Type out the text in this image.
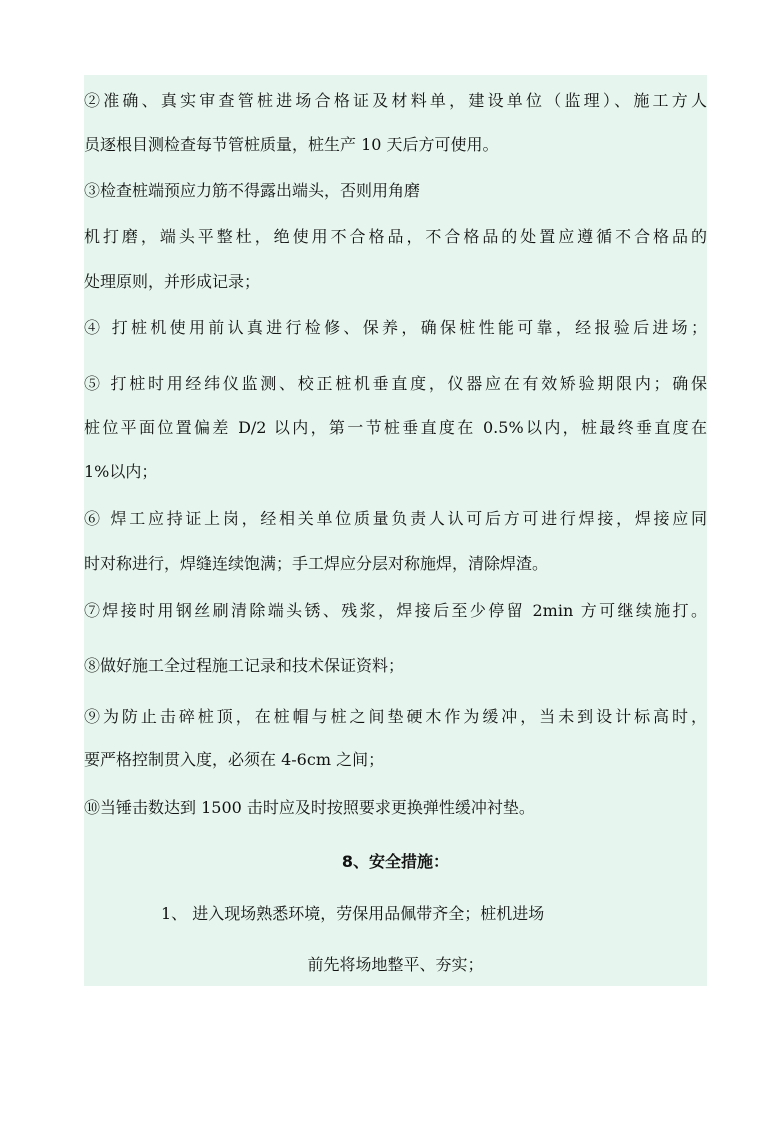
②准确、真实审查管桩进场合格证及材料单，建设单位（监理）、施工方人
员逐根目测检查每节管桩质量，桩生产 10 天后方可使用。
③检查桩端预应力筋不得露出端头，否则用角磨
机打磨，端头平整杜，绝使用不合格品，不合格品的处置应遵循不合格品的
处理原则，并形成记录；
④ 打桩机使用前认真进行检修、保养，确保桩性能可靠，经报验后进场；
⑤ 打桩时用经纬仪监测、校正桩机垂直度，仪器应在有效矫验期限内；确保
桩位平面位置偏差 D/2 以内，第一节桩垂直度在 0.5%以内，桩最终垂直度在
1%以内；
⑥ 焊工应持证上岗，经相关单位质量负责人认可后方可进行焊接，焊接应同
时对称进行，焊缝连续饱满；手工焊应分层对称施焊，清除焊渣。
⑦焊接时用钢丝刷清除端头锈、残浆，焊接后至少停留 2min 方可继续施打。
⑧做好施工全过程施工记录和技术保证资料；
⑨为防止击碎桩顶，在桩帽与桩之间垫硬木作为缓冲，当未到设计标高时，
要严格控制贯入度，必须在 4-6cm 之间；
⑩当锤击数达到 1500 击时应及时按照要求更换弹性缓冲衬垫。
8、安全措施：
1、 进入现场熟悉环境，劳保用品佩带齐全；桩机进场
前先将场地整平、夯实；
